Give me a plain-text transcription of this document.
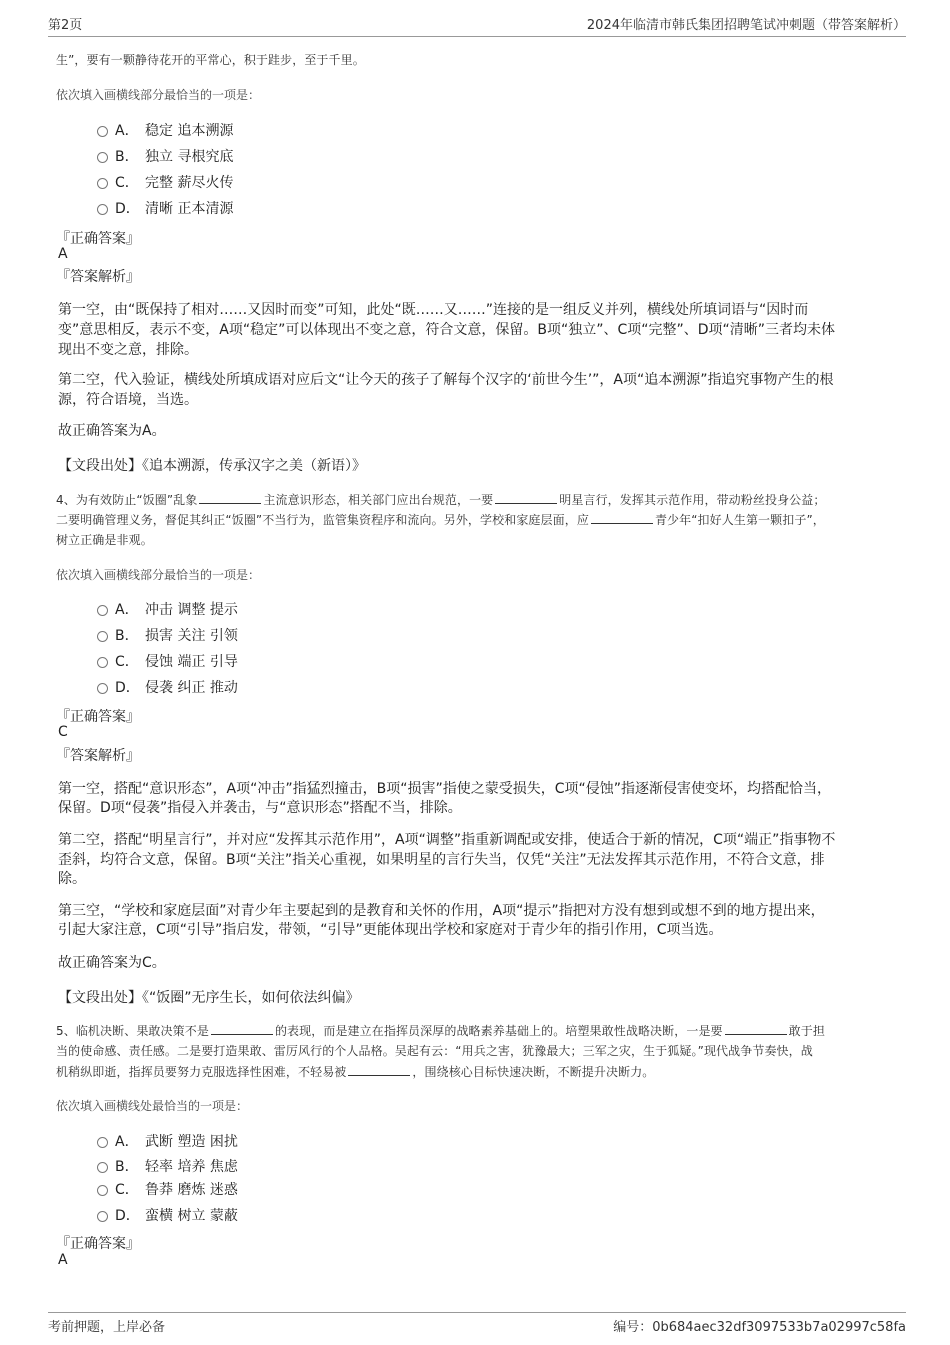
第2页	2024年临清市韩氏集团招聘笔试冲刺题（带答案解析）
生”，要有一颗静待花开的平常心，积于跬步，至于千里。
依次填入画横线部分最恰当的一项是：
A． 稳定 追本溯源
B． 独立 寻根究底
C． 完整 薪尽火传
D． 清晰 正本清源
『正确答案』
A
『答案解析』
第一空，由“既保持了相对……又因时而变”可知，此处“既……又……”连接的是一组反义并列，横线处所填词语与“因时而
变”意思相反，表示不变，A项“稳定”可以体现出不变之意，符合文意，保留。B项“独立”、C项“完整”、D项“清晰”三者均未体
现出不变之意，排除。
第二空，代入验证，横线处所填成语对应后文“让今天的孩子了解每个汉字的‘前世今生’”，A项“追本溯源”指追究事物产生的根
源，符合语境，当选。
故正确答案为A。
【文段出处】《追本溯源，传承汉字之美（新语）》
4、为有效防止“饭圈”乱象	主流意识形态，相关部门应出台规范，一要	明星言行，发挥其示范作用，带动粉丝投身公益；
二要明确管理义务，督促其纠正“饭圈”不当行为，监管集资程序和流向。另外，学校和家庭层面，应	青少年“扣好人生第一颗扣子”，
树立正确是非观。
依次填入画横线部分最恰当的一项是：
A． 冲击 调整 提示
B． 损害 关注 引领
C． 侵蚀 端正 引导
D． 侵袭 纠正 推动
『正确答案』
C
『答案解析』
第一空，搭配“意识形态”，A项“冲击”指猛烈撞击，B项“损害”指使之蒙受损失，C项“侵蚀”指逐渐侵害使变坏，均搭配恰当，
保留。D项“侵袭”指侵入并袭击，与“意识形态”搭配不当，排除。
第二空，搭配“明星言行”，并对应“发挥其示范作用”，A项“调整”指重新调配或安排，使适合于新的情况，C项“端正”指事物不
歪斜，均符合文意，保留。B项“关注”指关心重视，如果明星的言行失当，仅凭“关注”无法发挥其示范作用，不符合文意，排
除。
第三空，“学校和家庭层面”对青少年主要起到的是教育和关怀的作用，A项“提示”指把对方没有想到或想不到的地方提出来，
引起大家注意，C项“引导”指启发，带领，“引导”更能体现出学校和家庭对于青少年的指引作用，C项当选。
故正确答案为C。
【文段出处】《“饭圈”无序生长，如何依法纠偏》
5、临机决断、果敢决策不是	的表现，而是建立在指挥员深厚的战略素养基础上的。培塑果敢性战略决断，一是要	敢于担
当的使命感、责任感。二是要打造果敢、雷厉风行的个人品格。吴起有云：“用兵之害，犹豫最大；三军之灾，生于狐疑。”现代战争节奏快，战
机稍纵即逝，指挥员要努力克服选择性困难，不轻易被	，围绕核心目标快速决断，不断提升决断力。
依次填入画横线处最恰当的一项是：
A． 武断 塑造 困扰
B． 轻率 培养 焦虑
C． 鲁莽 磨炼 迷惑
D． 蛮横 树立 蒙蔽
『正确答案』
A
考前押题，上岸必备	编号：0b684aec32df3097533b7a02997c58fa
